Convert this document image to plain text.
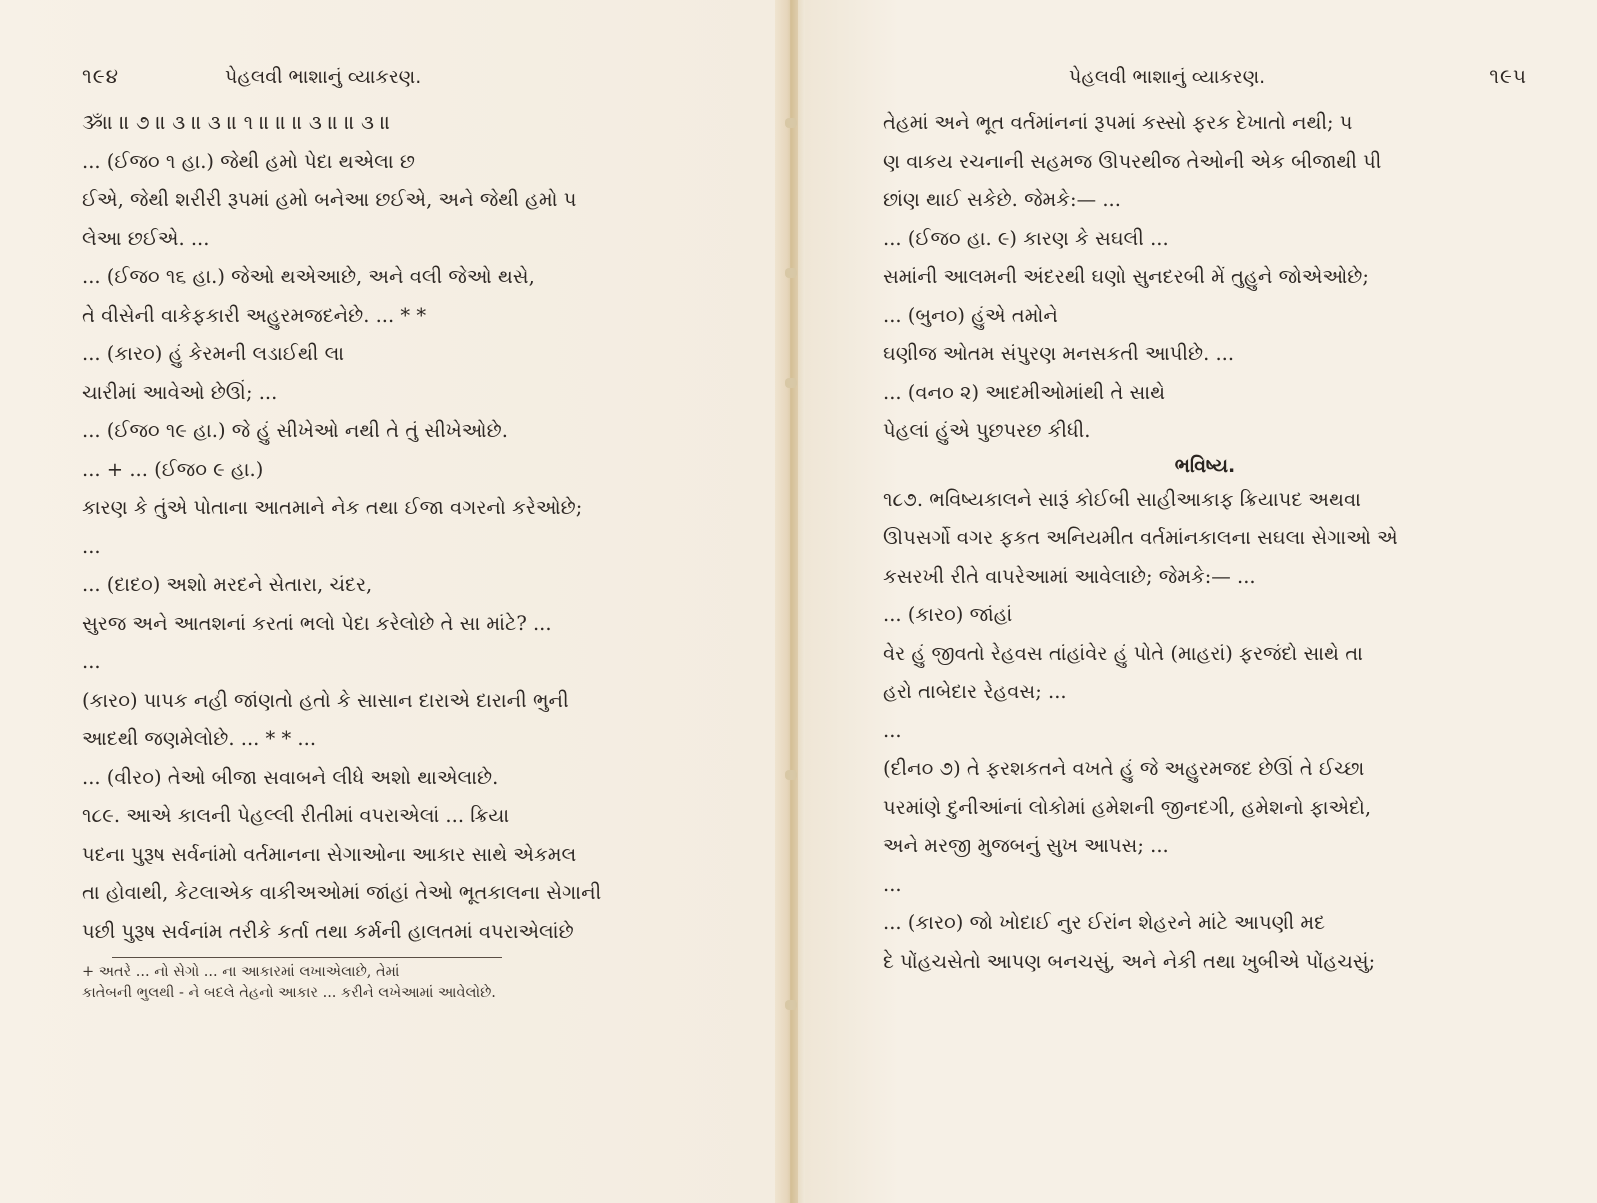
૧૯૪	પેહલવી ભાશાનું વ્યાકરણ.
ૐ॥ ॥ ૭ ॥ ૩ ॥ ૩ ॥ ૧ ॥ ॥ ॥ ૩ ॥ ॥ ૩ ॥
... (ઈજ૦ ૧ હા.) જેથી હમો પેદા થએલા છ
ઈએ, જેથી શરીરી રૂપમાં હમો બનેઆ છઈએ, અને જેથી હમો પ
લેઆ છઈએ. ...
... (ઈજ૦ ૧૬ હા.) જેઓ થએઆછે, અને વલી જેઓ થસે,
તે વીસેની વાકેફકારી અહુરમજદનેછે. ... * *
... (કાર૦) હું કેરમની લડાઈથી લા
ચારીમાં આવેઓ છેઊં; ...
... (ઈજ૦ ૧૯ હા.) જે હું સીખેઓ નથી તે તું સીખેઓછે.
... + ... (ઈજ૦ ૯ હા.)
કારણ કે તુંએ પોતાના આતમાને નેક તથા ઈજા વગરનો કરેઓછે;
...
... (દાદ૦) અશો મરદને સેતારા, ચંદર,
સુરજ અને આતશનાં કરતાં ભલો પેદા કરેલોછે તે સા માંટે? ...
...
(કાર૦) પાપક નહી જાંણતો હતો કે સાસાન દારાએ દારાની ભુની
આદથી જણમેલોછે. ... * * ...
... (વીર૦) તેઓ બીજા સવાબને લીધે અશો થાએલાછે.
૧૮૯. આએ કાલની પેહલ્લી રીતીમાં વપરાએલાં ... ક્રિયા
પદના પુરૂષ સર્વનાંમો વર્તમાનના સેગાઓના આકાર સાથે એકમલ
તા હોવાથી, કેટલાએક વાકીઅઓમાં જાંહાં તેઓ ભૂતકાલના સેગાની
પછી પુરૂષ સર્વનાંમ તરીકે કર્તા તથા કર્મની હાલતમાં વપરાએલાંછે
+ અતરે ... નો સેગો ... ના આકારમાં લખાએલાછે, તેમાં
કાતેબની ભુલથી - ને બદલે તેહનો આકાર ... કરીને લખેઆમાં આવેલોછે.
પેહલવી ભાશાનું વ્યાકરણ.	૧૯૫
તેહમાં અને ભૂત વર્તમાંનનાં રૂપમાં કસ્સો ફરક દેખાતો નથી; પ
ણ વાકય રચનાની સહમજ ઊપરથીજ તેઓની એક બીજાથી પી
છાંણ થાઈ સકેછે. જેમકે:— ...
... (ઈજ૦ હા. ૯) કારણ કે સઘલી ...
સમાંની આલમની અંદરથી ઘણો સુનદરબી મેં તુહુને જોએઓછે;
... (બુન૦) હુંએ તમોને
ઘણીજ ઓતમ સંપુરણ મનસકતી આપીછે. ...
... (વન૦ ૨) આદમીઓમાંથી તે સાથે
પેહલાં હુંએ પુછપરછ કીધી.
ભવિષ્ય.
૧૮૭. ભવિષ્યકાલને સારૂં કોઈબી સાહીઆકાફ ક્રિયાપદ અથવા
ઊપસર્ગો વગર ફકત અનિયમીત વર્તમાંનકાલના સઘલા સેગાઓ એ
કસરખી રીતે વાપરેઆમાં આવેલાછે; જેમકે:— ...
... (કાર૦) જાંહાં
વેર હું જીવતો રેહવસ તાંહાંવેર હું પોતે (માહરાં) ફરજંદો સાથે તા
હરો તાબેદાર રેહવસ; ...
...
(દીન૦ ૭) તે ફરશકતને વખતે હું જે અહુરમજદ છેઊં તે ઈચ્છા
પરમાંણે દુનીઆંનાં લોકોમાં હમેશની જીનદગી, હમેશનો ફાએદો,
અને મરજી મુજબનું સુખ આપસ; ...
...
... (કાર૦) જો ખોદાઈ નુર ઈરાંન શેહરને માંટે આપણી મદ
દે પોંહચસેતો આપણ બનચસું, અને નેકી તથા ખુબીએ પોંહચસું;
